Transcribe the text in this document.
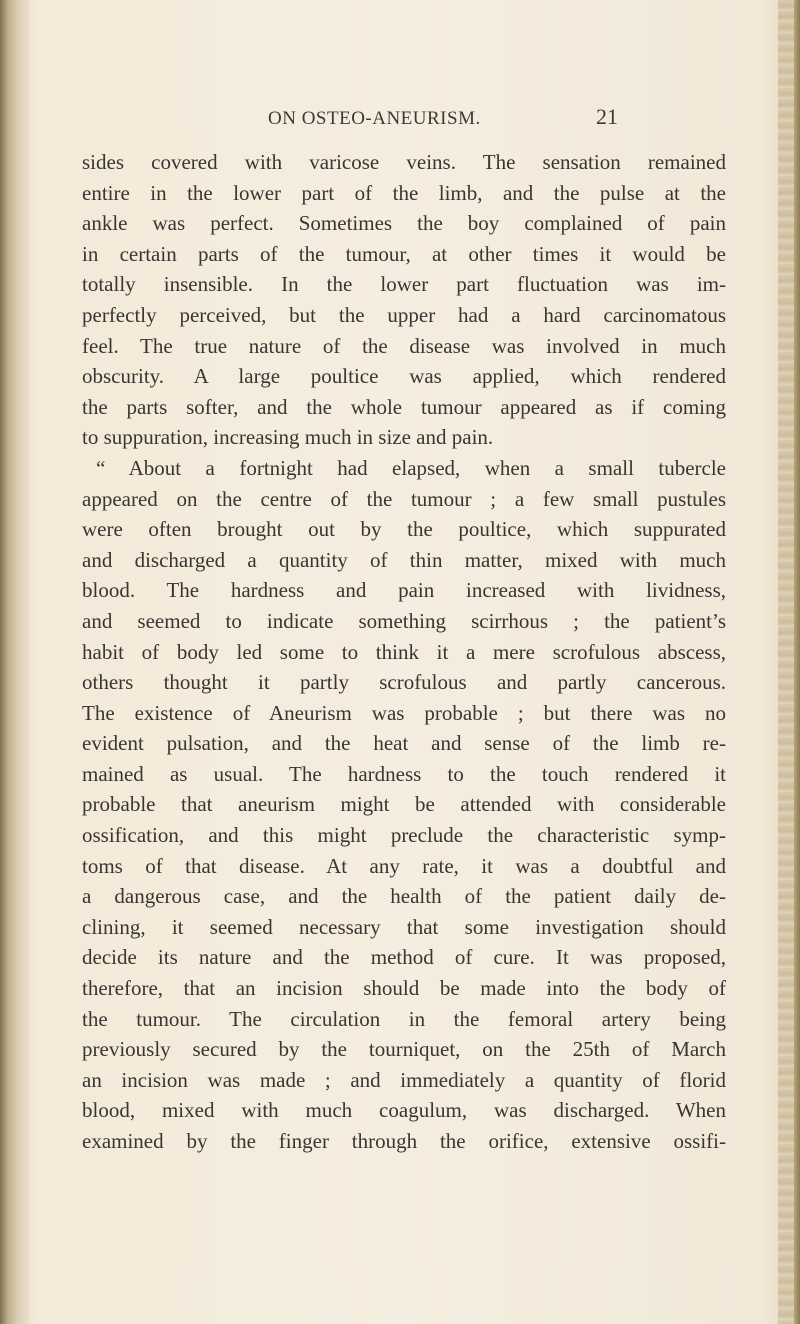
ON OSTEO-ANEURISM.	21
sides covered with varicose veins. The sensation remained
entire in the lower part of the limb, and the pulse at the
ankle was perfect. Sometimes the boy complained of pain
in certain parts of the tumour, at other times it would be
totally insensible. In the lower part fluctuation was im-
perfectly perceived, but the upper had a hard carcinomatous
feel. The true nature of the disease was involved in much
obscurity. A large poultice was applied, which rendered
the parts softer, and the whole tumour appeared as if coming
to suppuration, increasing much in size and pain.
“ About a fortnight had elapsed, when a small tubercle
appeared on the centre of the tumour ; a few small pustules
were often brought out by the poultice, which suppurated
and discharged a quantity of thin matter, mixed with much
blood. The hardness and pain increased with lividness,
and seemed to indicate something scirrhous ; the patient’s
habit of body led some to think it a mere scrofulous abscess,
others thought it partly scrofulous and partly cancerous.
The existence of Aneurism was probable ; but there was no
evident pulsation, and the heat and sense of the limb re-
mained as usual. The hardness to the touch rendered it
probable that aneurism might be attended with considerable
ossification, and this might preclude the characteristic symp-
toms of that disease. At any rate, it was a doubtful and
a dangerous case, and the health of the patient daily de-
clining, it seemed necessary that some investigation should
decide its nature and the method of cure. It was proposed,
therefore, that an incision should be made into the body of
the tumour. The circulation in the femoral artery being
previously secured by the tourniquet, on the 25th of March
an incision was made ; and immediately a quantity of florid
blood, mixed with much coagulum, was discharged. When
examined by the finger through the orifice, extensive ossifi-
